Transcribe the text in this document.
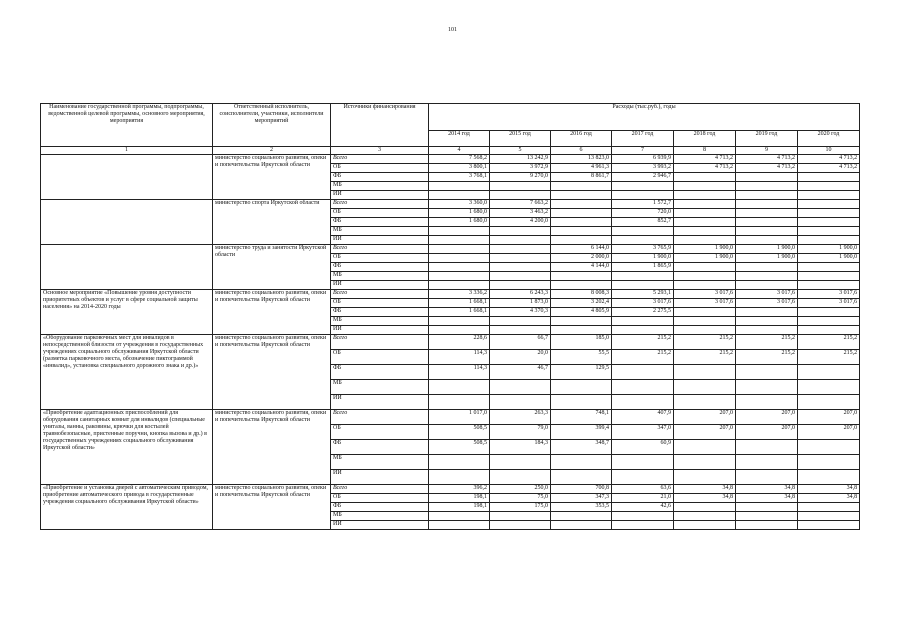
101
Наименование государственной программы, подпрограммы, ведомственной целевой программы, основного мероприятия, мероприятия	Ответственный исполнитель, соисполнители, участники, исполнители мероприятий	Источники финансирования	Расходы (тыс.руб.), годы						
			2014 год	2015 год	2016 год	2017 год	2018 год	2019 год	2020 год
1	2	3	4	5	6	7	8	9	10
	министерство социального развития, опеки и попечительства Иркутской области	Всего	7 568,2	13 242,9	13 823,0	6 939,9	4 713,2	4 713,2	4 713,2
		ОБ	3 800,1	3 972,9	4 961,3	3 993,2	4 713,2	4 713,2	4 713,2
		ФБ	3 768,1	9 270,0	8 861,7	2 946,7			
		МБ							
		ИИ							
	министерство спорта Иркутской области	Всего	3 360,0	7 663,2		1 572,7			
		ОБ	1 680,0	3 463,2		720,0			
		ФБ	1 680,0	4 200,0		852,7			
		МБ							
		ИИ							
	министерство труда и занятости Иркутской области	Всего			6 144,0	3 765,9	1 900,0	1 900,0	1 900,0
		ОБ			2 000,0	1 900,0	1 900,0	1 900,0	1 900,0
		ФБ			4 144,0	1 865,9			
		МБ							
		ИИ							
Основное мероприятие «Повышение уровня доступности приоритетных объектов и услуг в сфере социальной защиты населения» на 2014-2020 годы	министерство социального развития, опеки и попечительства Иркутской области	Всего	3 336,2	6 243,3	8 008,3	5 293,1	3 017,6	3 017,6	3 017,6
		ОБ	1 668,1	1 873,0	3 202,4	3 017,6	3 017,6	3 017,6	3 017,6
		ФБ	1 668,1	4 370,3	4 805,9	2 275,5			
		МБ							
		ИИ							
«Оборудование парковочных мест для инвалидов в непосредственной близости от учреждения в государственных учреждениях социального обслуживания Иркутской области (разметка парковочного места, обозначение пиктограммой «инвалид», установка специального дорожного знака и др.)»	министерство социального развития, опеки и попечительства Иркутской области	Всего	228,6	66,7	185,0	215,2	215,2	215,2	215,2
		ОБ	114,3	20,0	55,5	215,2	215,2	215,2	215,2
		ФБ	114,3	46,7	129,5				
		МБ							
		ИИ							
«Приобретение адаптационных приспособлений для оборудования санитарных комнат для инвалидов (специальные унитазы, ванны, раковины, крючки для костылей травмобезопасные, пристенные поручни, кнопка вызова и др.) в государственных учреждениях социального обслуживания Иркутской области»	министерство социального развития, опеки и попечительства Иркутской области	Всего	1 017,0	263,3	748,1	407,9	207,0	207,0	207,0
		ОБ	508,5	79,0	399,4	347,0	207,0	207,0	207,0
		ФБ	508,5	184,3	348,7	60,9			
		МБ							
		ИИ							
«Приобретение и установка дверей с автоматическим приводом, приобретение автоматического привода в государственные учреждения социального обслуживания Иркутской области»	министерство социального развития, опеки и попечительства Иркутской области	Всего	396,2	250,0	700,8	63,6	34,8	34,8	34,8
		ОБ	198,1	75,0	347,3	21,0	34,8	34,8	34,8
		ФБ	198,1	175,0	353,5	42,6			
		МБ							
		ИИ							
